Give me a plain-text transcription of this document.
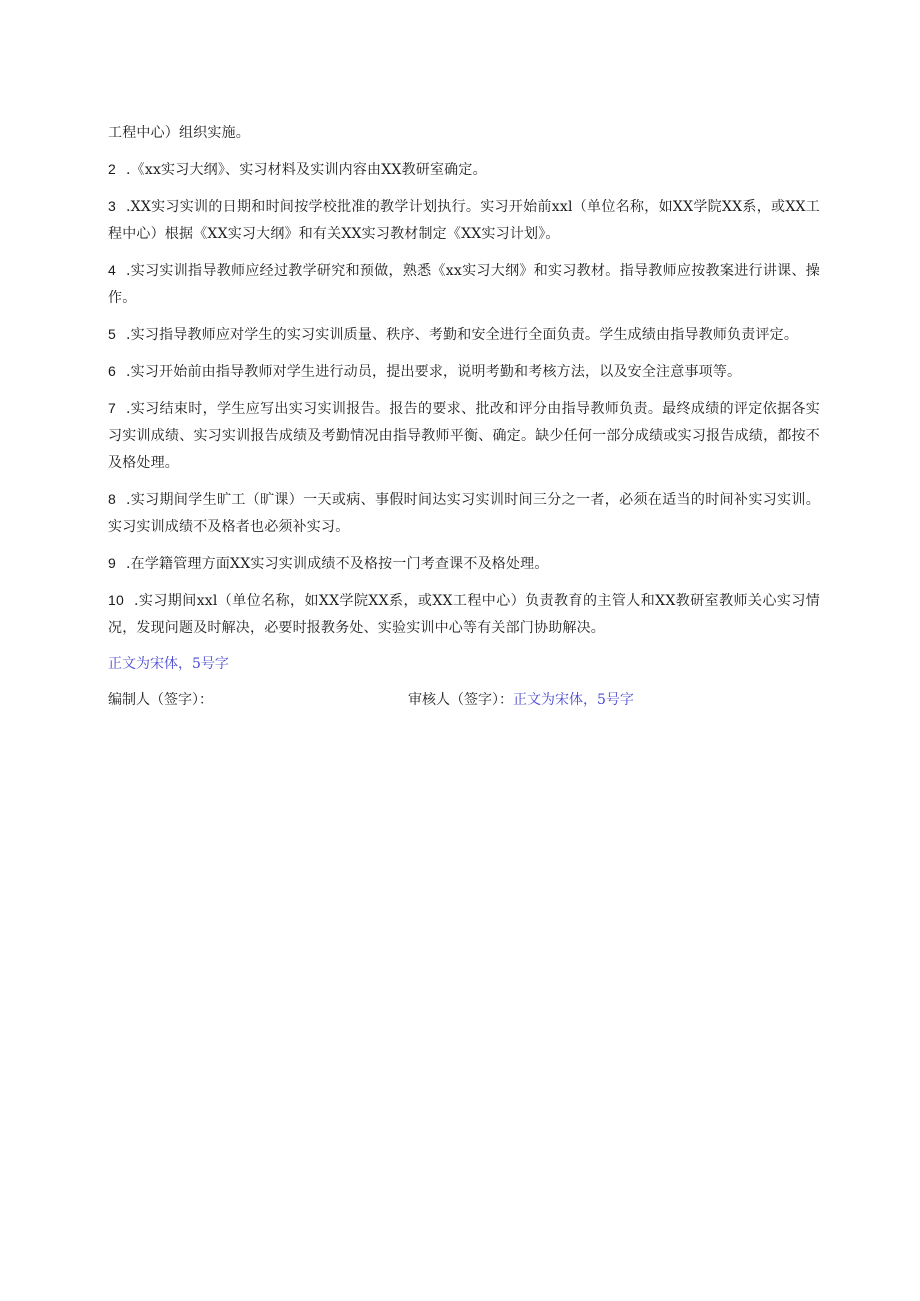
工程中心）组织实施。

2 .《xx实习大纲》、实习材料及实训内容由XX教研室确定。

3 .XX实习实训的日期和时间按学校批准的教学计划执行。实习开始前xxl（单位名称，如XX学院XX系，或XX工程中心）根据《XX实习大纲》和有关XX实习教材制定《XX实习计划》。

4 .实习实训指导教师应经过教学研究和预做，熟悉《xx实习大纲》和实习教材。指导教师应按教案进行讲课、操作。

5 .实习指导教师应对学生的实习实训质量、秩序、考勤和安全进行全面负责。学生成绩由指导教师负责评定。

6 .实习开始前由指导教师对学生进行动员，提出要求，说明考勤和考核方法，以及安全注意事项等。

7 .实习结束时，学生应写出实习实训报告。报告的要求、批改和评分由指导教师负责。最终成绩的评定依据各实习实训成绩、实习实训报告成绩及考勤情况由指导教师平衡、确定。缺少任何一部分成绩或实习报告成绩，都按不及格处理。

8 .实习期间学生旷工（旷课）一天或病、事假时间达实习实训时间三分之一者，必须在适当的时间补实习实训。实习实训成绩不及格者也必须补实习。

9 .在学籍管理方面XX实习实训成绩不及格按一门考查课不及格处理。

10 .实习期间xxl（单位名称，如XX学院XX系，或XX工程中心）负责教育的主管人和XX教研室教师关心实习情况，发现问题及时解决，必要时报教务处、实验实训中心等有关部门协助解决。

正文为宋体，5号字

编制人（签字）：	审核人（签字）：正文为宋体，5号字
